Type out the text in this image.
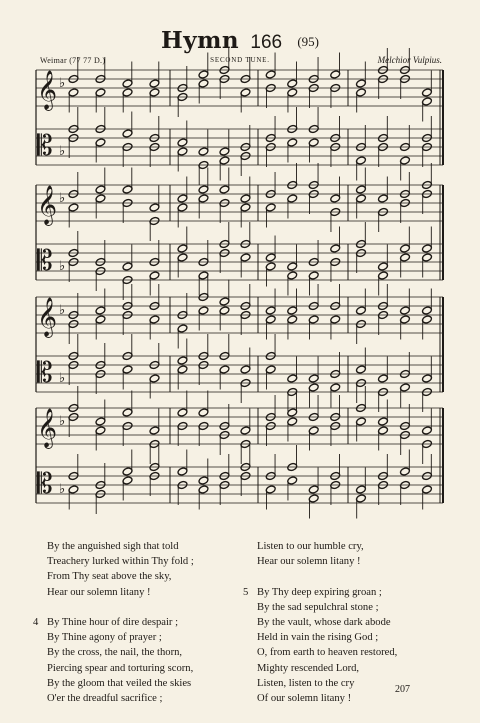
Hymn 166 (95)
Weimar (77 77 D.)	SECOND TUNE.	Melchior Vulpius.
𝄞 ♭
𝄡 ♭
𝄞 ♭
𝄡 ♭
𝄞 ♭
𝄡 ♭
𝄞 ♭
𝄡 ♭
By the anguished sigh that told
Treachery lurked within Thy fold ;
From Thy seat above the sky,
Hear our solemn litany !
4 By Thine hour of dire despair ;
By Thine agony of prayer ;
By the cross, the nail, the thorn,
Piercing spear and torturing scorn,
By the gloom that veiled the skies
O'er the dreadful sacrifice ;
Listen to our humble cry,
Hear our solemn litany !
5 By Thy deep expiring groan ;
By the sad sepulchral stone ;
By the vault, whose dark abode
Held in vain the rising God ;
O, from earth to heaven restored,
Mighty rescended Lord,
Listen, listen to the cry
Of our solemn litany !
207
